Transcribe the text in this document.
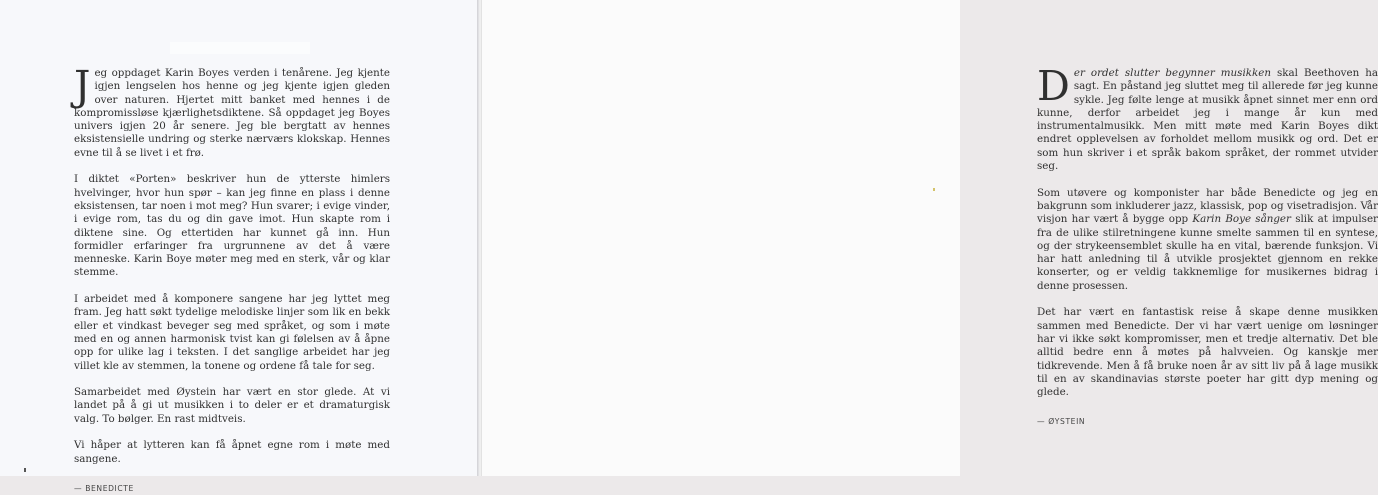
Jeg oppdaget Karin Boyes verden i tenårene. Jeg kjente igjen lengselen hos henne og jeg kjente igjen gleden over naturen. Hjertet mitt banket med hennes i de kompromissløse kjærlighetsdiktene. Så oppdaget jeg Boyes univers igjen 20 år senere. Jeg ble bergtatt av hennes eksistensielle undring og sterke nærværs klokskap. Hennes evne til å se livet i et frø.

I diktet «Porten» beskriver hun de ytterste himlers hvelvinger, hvor hun spør – kan jeg finne en plass i denne eksistensen, tar noen i mot meg? Hun svarer; i evige vinder, i evige rom, tas du og din gave imot. Hun skapte rom i diktene sine. Og ettertiden har kunnet gå inn. Hun formidler erfaringer fra urgrunnene av det å være menneske. Karin Boye møter meg med en sterk, vår og klar stemme.

I arbeidet med å komponere sangene har jeg lyttet meg fram. Jeg hatt søkt tydelige melodiske linjer som lik en bekk eller et vindkast beveger seg med språket, og som i møte med en og annen harmonisk tvist kan gi følelsen av å åpne opp for ulike lag i teksten. I det sanglige arbeidet har jeg villet kle av stemmen, la tonene og ordene få tale for seg.

Samarbeidet med Øystein har vært en stor glede. At vi landet på å gi ut musikken i to deler er et dramaturgisk valg. To bølger. En rast midtveis.

Vi håper at lytteren kan få åpnet egne rom i møte med sangene.

— BENEDICTE

Der ordet slutter begynner musikken skal Beethoven ha sagt. En påstand jeg sluttet meg til allerede før jeg kunne sykle. Jeg følte lenge at musikk åpnet sinnet mer enn ord kunne, derfor arbeidet jeg i mange år kun med instrumentalmusikk. Men mitt møte med Karin Boyes dikt endret opplevelsen av forholdet mellom musikk og ord. Det er som hun skriver i et språk bakom språket, der rommet utvider seg.

Som utøvere og komponister har både Benedicte og jeg en bakgrunn som inkluderer jazz, klassisk, pop og visetradisjon. Vår visjon har vært å bygge opp Karin Boye sånger slik at impulser fra de ulike stilretningene kunne smelte sammen til en syntese, og der strykeensemblet skulle ha en vital, bærende funksjon. Vi har hatt anledning til å utvikle prosjektet gjennom en rekke konserter, og er veldig takknemlige for musikernes bidrag i denne prosessen.

Det har vært en fantastisk reise å skape denne musikken sammen med Benedicte. Der vi har vært uenige om løsninger har vi ikke søkt kompromisser, men et tredje alternativ. Det ble alltid bedre enn å møtes på halvveien. Og kanskje mer tidkrevende. Men å få bruke noen år av sitt liv på å lage musikk til en av skandinavias største poeter har gitt dyp mening og glede.

— ØYSTEIN
